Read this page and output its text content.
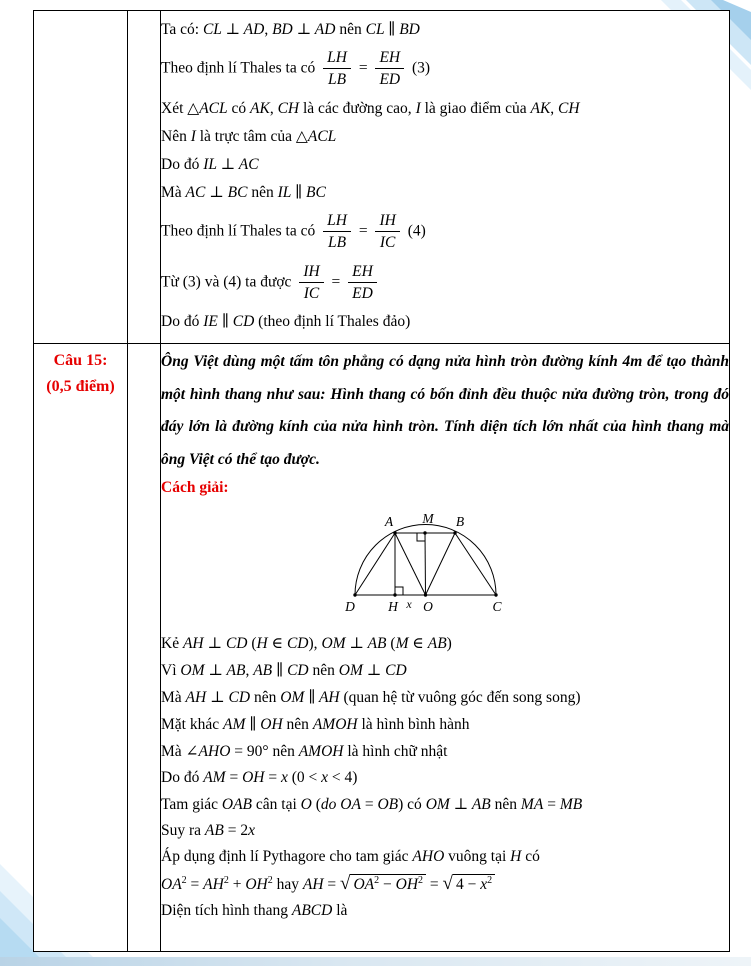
Ta có: CL ⊥ AD, BD ⊥ AD nên CL ∥ BD
Theo định lí Thales ta có $\frac{LH}{LB} = \frac{EH}{ED} (3)$
Xét △ACL có AK, CH là các đường cao, I là giao điểm của AK, CH
Nên I là trực tâm của △ACL
Do đó IL ⊥ AC
Mà AC ⊥ BC nên IL ∥ BC
Theo định lí Thales ta có $\frac{LH}{LB} = \frac{IH}{IC} (4)$
Từ (3) và (4) ta được $\frac{IH}{IC} = \frac{EH}{ED}$
Do đó IE ∥ CD (theo định lí Thales đảo)

Câu 15:
(0,5 điểm)

Ông Việt dùng một tấm tôn phẳng có dạng nửa hình tròn đường kính 4m để tạo thành một hình thang như sau: Hình thang có bốn đỉnh đều thuộc nửa đường tròn, trong đó đáy lớn là đường kính của nửa hình tròn. Tính diện tích lớn nhất của hình thang mà ông Việt có thể tạo được.

Cách giải:
A M B
D H x O	C
Kẻ AH ⊥ CD (H ∈ CD), OM ⊥ AB (M ∈ AB)
Vì OM ⊥ AB, AB ∥ CD nên OM ⊥ CD
Mà AH ⊥ CD nên OM ∥ AH (quan hệ từ vuông góc đến song song)
Mặt khác AM ∥ OH nên AMOH là hình bình hành
Mà ∠AHO = 90° nên AMOH là hình chữ nhật
Do đó AM = OH = x (0 < x < 4)
Tam giác OAB cân tại O (do OA = OB) có OM ⊥ AB nên MA = MB
Suy ra AB = 2x
Áp dụng định lí Pythagore cho tam giác AHO vuông tại H có
$OA^2 = AH^2 + OH^2$ hay AH = √ $OA^2 - OH^2$ = √ $4 - x^2$
Diện tích hình thang ABCD là
